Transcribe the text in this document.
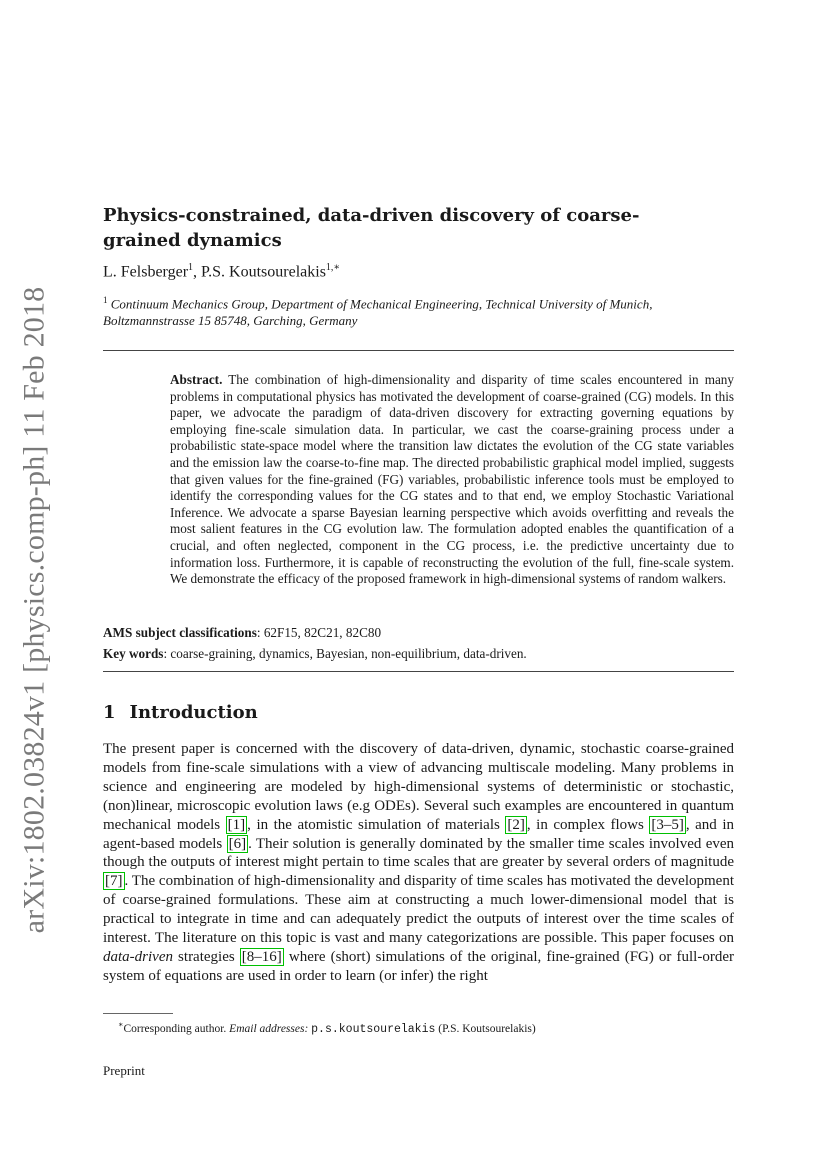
arXiv:1802.03824v1 [physics.comp-ph] 11 Feb 2018
Physics-constrained, data-driven discovery of coarse-grained dynamics
L. Felsberger$^1$, P.S. Koutsourelakis$^{1,∗}$
$^1$ Continuum Mechanics Group, Department of Mechanical Engineering, Technical University of Munich, Boltzmannstrasse 15 85748, Garching, Germany
Abstract. The combination of high-dimensionality and disparity of time scales encountered in many problems in computational physics has motivated the development of coarse-grained (CG) models. In this paper, we advocate the paradigm of data-driven discovery for extracting governing equations by employing fine-scale simulation data. In particular, we cast the coarse-graining process under a probabilistic state-space model where the transition law dictates the evolution of the CG state variables and the emission law the coarse-to-fine map. The directed probabilistic graphical model implied, suggests that given values for the fine-grained (FG) variables, probabilistic inference tools must be employed to identify the corresponding values for the CG states and to that end, we employ Stochastic Variational Inference. We advocate a sparse Bayesian learning perspective which avoids overfitting and reveals the most salient features in the CG evolution law. The formulation adopted enables the quantification of a crucial, and often neglected, component in the CG process, i.e. the predictive uncertainty due to information loss. Furthermore, it is capable of reconstructing the evolution of the full, fine-scale system. We demonstrate the efficacy of the proposed framework in high-dimensional systems of random walkers.
AMS subject classifications: 62F15, 82C21, 82C80
Key words: coarse-graining, dynamics, Bayesian, non-equilibrium, data-driven.
1 Introduction
The present paper is concerned with the discovery of data-driven, dynamic, stochastic coarse-grained models from fine-scale simulations with a view of advancing multiscale modeling. Many problems in science and engineering are modeled by high-dimensional systems of deterministic or stochastic, (non)linear, microscopic evolution laws (e.g ODEs). Several such examples are encountered in quantum mechanical models [1] , in the atomistic simulation of materials [2] , in complex flows [3–5] , and in agent-based models [6] . Their solution is generally dominated by the smaller time scales involved even though the outputs of interest might pertain to time scales that are greater by several orders of magnitude [7] . The combination of high-dimensionality and disparity of time scales has motivated the development of coarse-grained formulations. These aim at constructing a much lower-dimensional model that is practical to integrate in time and can adequately predict the outputs of interest over the time scales of interest. The literature on this topic is vast and many categorizations are possible. This paper focuses on data-driven strategies [8–16] where (short) simulations of the original, fine-grained (FG) or full-order system of equations are used in order to learn (or infer) the right
∗Corresponding author. Email addresses: p.s.koutsourelakis (P.S. Koutsourelakis)
Preprint
